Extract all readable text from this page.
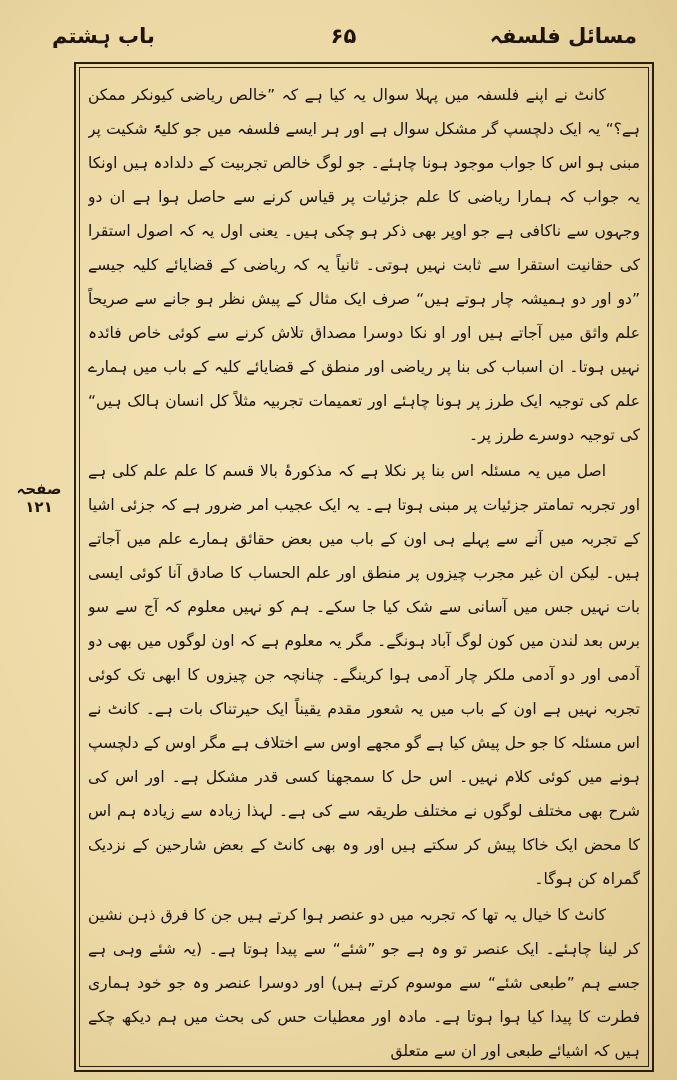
مسائل فلسفہ
۶۵
باب ہشتم
صفحہ ۱۲۱

کانٹ نے اپنے فلسفہ میں پہلا سوال یہ کیا ہے کہ ”خالص ریاضی کیونکر ممکن ہے؟“ یہ ایک دلچسپ گر مشکل سوال ہے اور ہر ایسے فلسفہ میں جو کلیۃً شکیت پر مبنی ہو اس کا جواب موجود ہونا چاہئے۔ جو لوگ خالص تجربیت کے دلدادہ ہیں اونکا یہ جواب کہ ہمارا ریاضی کا علم جزئیات پر قیاس کرنے سے حاصل ہوا ہے ان دو وجہوں سے ناکافی ہے جو اوپر بھی ذکر ہو چکی ہیں۔ یعنی اول یہ کہ اصول استقرا کی حقانیت استقرا سے ثابت نہیں ہوتی۔ ثانیاً یہ کہ ریاضی کے قضایائے کلیہ جیسے ”دو اور دو ہمیشہ چار ہوتے ہیں“ صرف ایک مثال کے پیش نظر ہو جانے سے صریحاً علم واثق میں آجاتے ہیں اور او نکا دوسرا مصداق تلاش کرنے سے کوئی خاص فائدہ نہیں ہوتا۔ ان اسباب کی بنا پر ریاضی اور منطق کے قضایائے کلیہ کے باب میں ہمارے علم کی توجیہ ایک طرز پر ہونا چاہئے اور تعمیمات تجربیہ مثلاً کل انسان ہالک ہیں“ کی توجیہ دوسرے طرز پر۔

اصل میں یہ مسئلہ اس بنا پر نکلا ہے کہ مذکورۂ بالا قسم کا علم علم کلی ہے اور تجربہ تمامتر جزئیات پر مبنی ہوتا ہے۔ یہ ایک عجیب امر ضرور ہے کہ جزئی اشیا کے تجربہ میں آنے سے پہلے ہی اون کے باب میں بعض حقائق ہمارے علم میں آجاتے ہیں۔ لیکن ان غیر مجرب چیزوں پر منطق اور علم الحساب کا صادق آنا کوئی ایسی بات نہیں جس میں آسانی سے شک کیا جا سکے۔ ہم کو نہیں معلوم کہ آج سے سو برس بعد لندن میں کون لوگ آباد ہونگے۔ مگر یہ معلوم ہے کہ اون لوگوں میں بھی دو آدمی اور دو آدمی ملکر چار آدمی ہوا کرینگے۔ چنانچہ جن چیزوں کا ابھی تک کوئی تجربہ نہیں ہے اون کے باب میں یہ شعور مقدم یقیناً ایک حیرتناک بات ہے۔ کانٹ نے اس مسئلہ کا جو حل پیش کیا ہے گو مجھے اوس سے اختلاف ہے مگر اوس کے دلچسپ ہونے میں کوئی کلام نہیں۔ اس حل کا سمجھنا کسی قدر مشکل ہے۔ اور اس کی شرح بھی مختلف لوگوں نے مختلف طریقہ سے کی ہے۔ لہذا زیادہ سے زیادہ ہم اس کا محض ایک خاکا پیش کر سکتے ہیں اور وہ بھی کانٹ کے بعض شارحین کے نزدیک گمراہ کن ہوگا۔

کانٹ کا خیال یہ تھا کہ تجربہ میں دو عنصر ہوا کرتے ہیں جن کا فرق ذہن نشین کر لینا چاہئے۔ ایک عنصر تو وہ ہے جو ”شئے“ سے پیدا ہوتا ہے۔ (یہ شئے وہی ہے جسے ہم ”طبعی شئے“ سے موسوم کرتے ہیں) اور دوسرا عنصر وہ جو خود ہماری فطرت کا پیدا کیا ہوا ہوتا ہے۔ مادہ اور معطیات حس کی بحث میں ہم دیکھ چکے ہیں کہ اشیائے طبعی اور ان سے متعلق
